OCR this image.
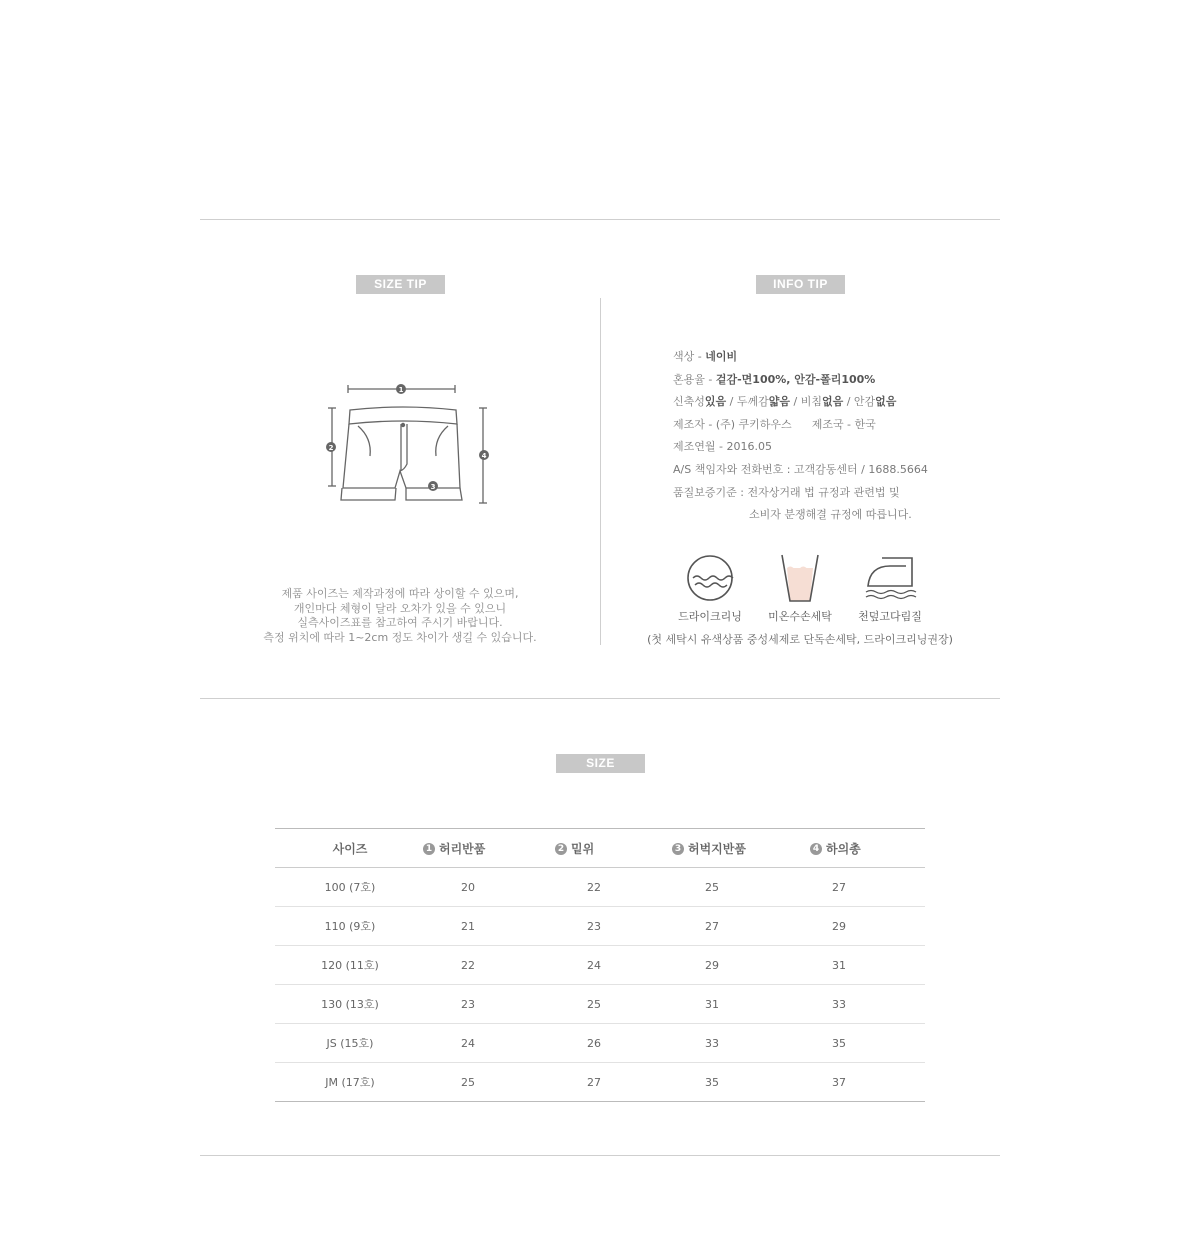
SIZE TIP
1
2
3
4
제품 사이즈는 제작과정에 따라 상이할 수 있으며,
개인마다 체형이 달라 오차가 있을 수 있으니
실측사이즈표를 참고하여 주시기 바랍니다.
측정 위치에 따라 1~2cm 정도 차이가 생길 수 있습니다.
INFO TIP
색상 - 네이비
혼용율 - 겉감-면100%, 안감-폴리100%
신축성있음 / 두께감얇음 / 비침없음 / 안감없음
제조자 - (주) 쿠키하우스 제조국 - 한국
제조연월 - 2016.05
A/S 책임자와 전화번호 : 고객감동센터 / 1688.5664
품질보증기준 : 전자상거래 법 규정과 관련법 및
소비자 분쟁해결 규정에 따릅니다.
드라이크리닝	미온수손세탁	천덮고다림질
(첫 세탁시 유색상품 중성세제로 단독손세탁, 드라이크리닝권장)
SIZE
사이즈	1 허리반품	2 밑위	3 허벅지반품	4 하의총
100 (7호)	20	22	25	27
110 (9호)	21	23	27	29
120 (11호)	22	24	29	31
130 (13호)	23	25	31	33
JS (15호)	24	26	33	35
JM (17호)	25	27	35	37
